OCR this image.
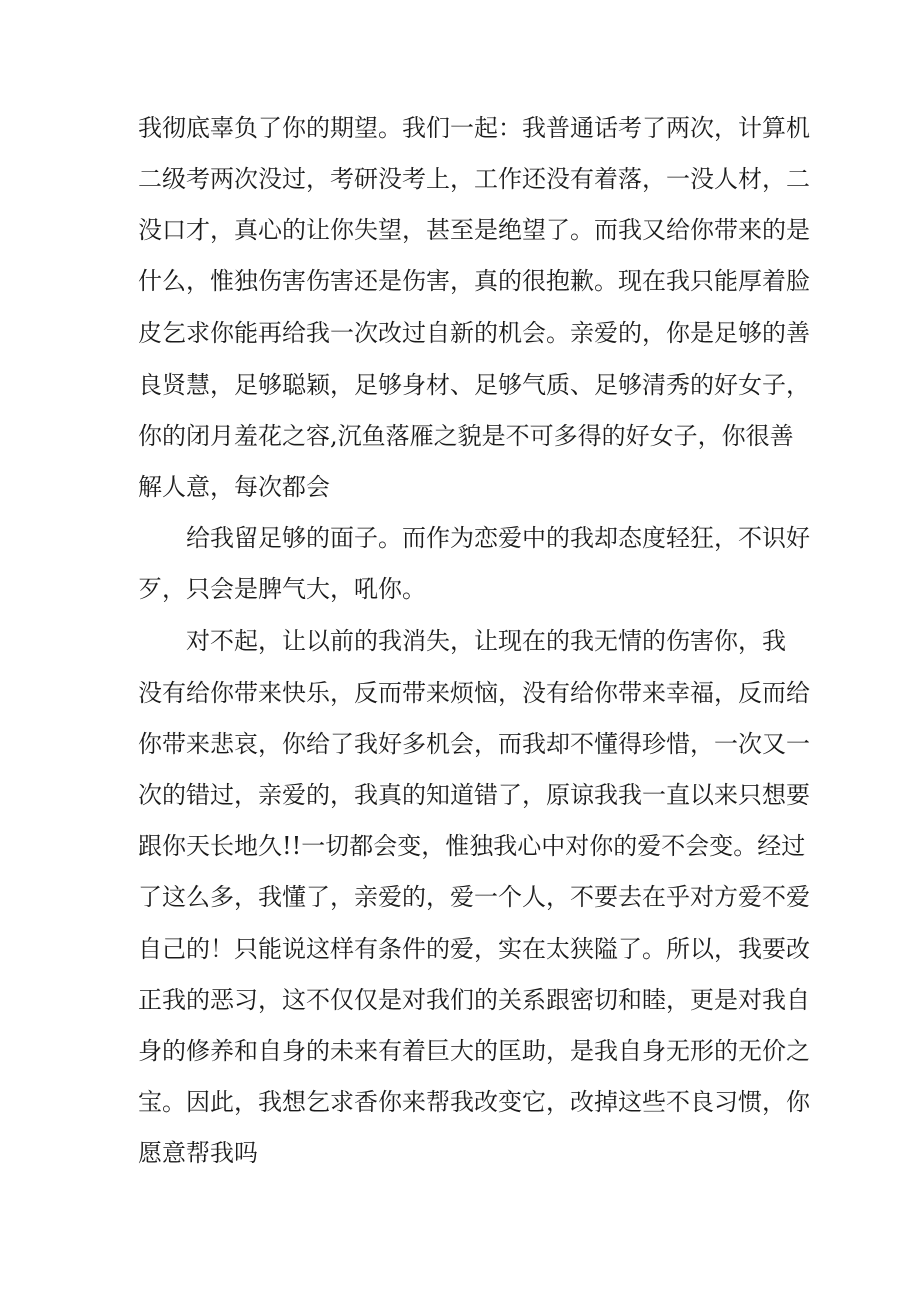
我彻底辜负了你的期望。我们一起：我普通话考了两次，计算机

二级考两次没过，考研没考上，工作还没有着落，一没人材，二

没口才，真心的让你失望，甚至是绝望了。而我又给你带来的是

什么，惟独伤害伤害还是伤害，真的很抱歉。现在我只能厚着脸

皮乞求你能再给我一次改过自新的机会。亲爱的，你是足够的善

良贤慧，足够聪颖，足够身材、足够气质、足够清秀的好女子，

你的闭月羞花之容,沉鱼落雁之貌是不可多得的好女子，你很善

解人意，每次都会

给我留足够的面子。而作为恋爱中的我却态度轻狂，不识好

歹，只会是脾气大，吼你。

对不起，让以前的我消失，让现在的我无情的伤害你，我

没有给你带来快乐，反而带来烦恼，没有给你带来幸福，反而给

你带来悲哀，你给了我好多机会，而我却不懂得珍惜，一次又一

次的错过，亲爱的，我真的知道错了，原谅我我一直以来只想要

跟你天长地久!!一切都会变，惟独我心中对你的爱不会变。经过

了这么多，我懂了，亲爱的，爱一个人，不要去在乎对方爱不爱

自己的！只能说这样有条件的爱，实在太狭隘了。所以，我要改

正我的恶习，这不仅仅是对我们的关系跟密切和睦，更是对我自

身的修养和自身的未来有着巨大的匡助，是我自身无形的无价之

宝。因此，我想乞求香你来帮我改变它，改掉这些不良习惯，你

愿意帮我吗
